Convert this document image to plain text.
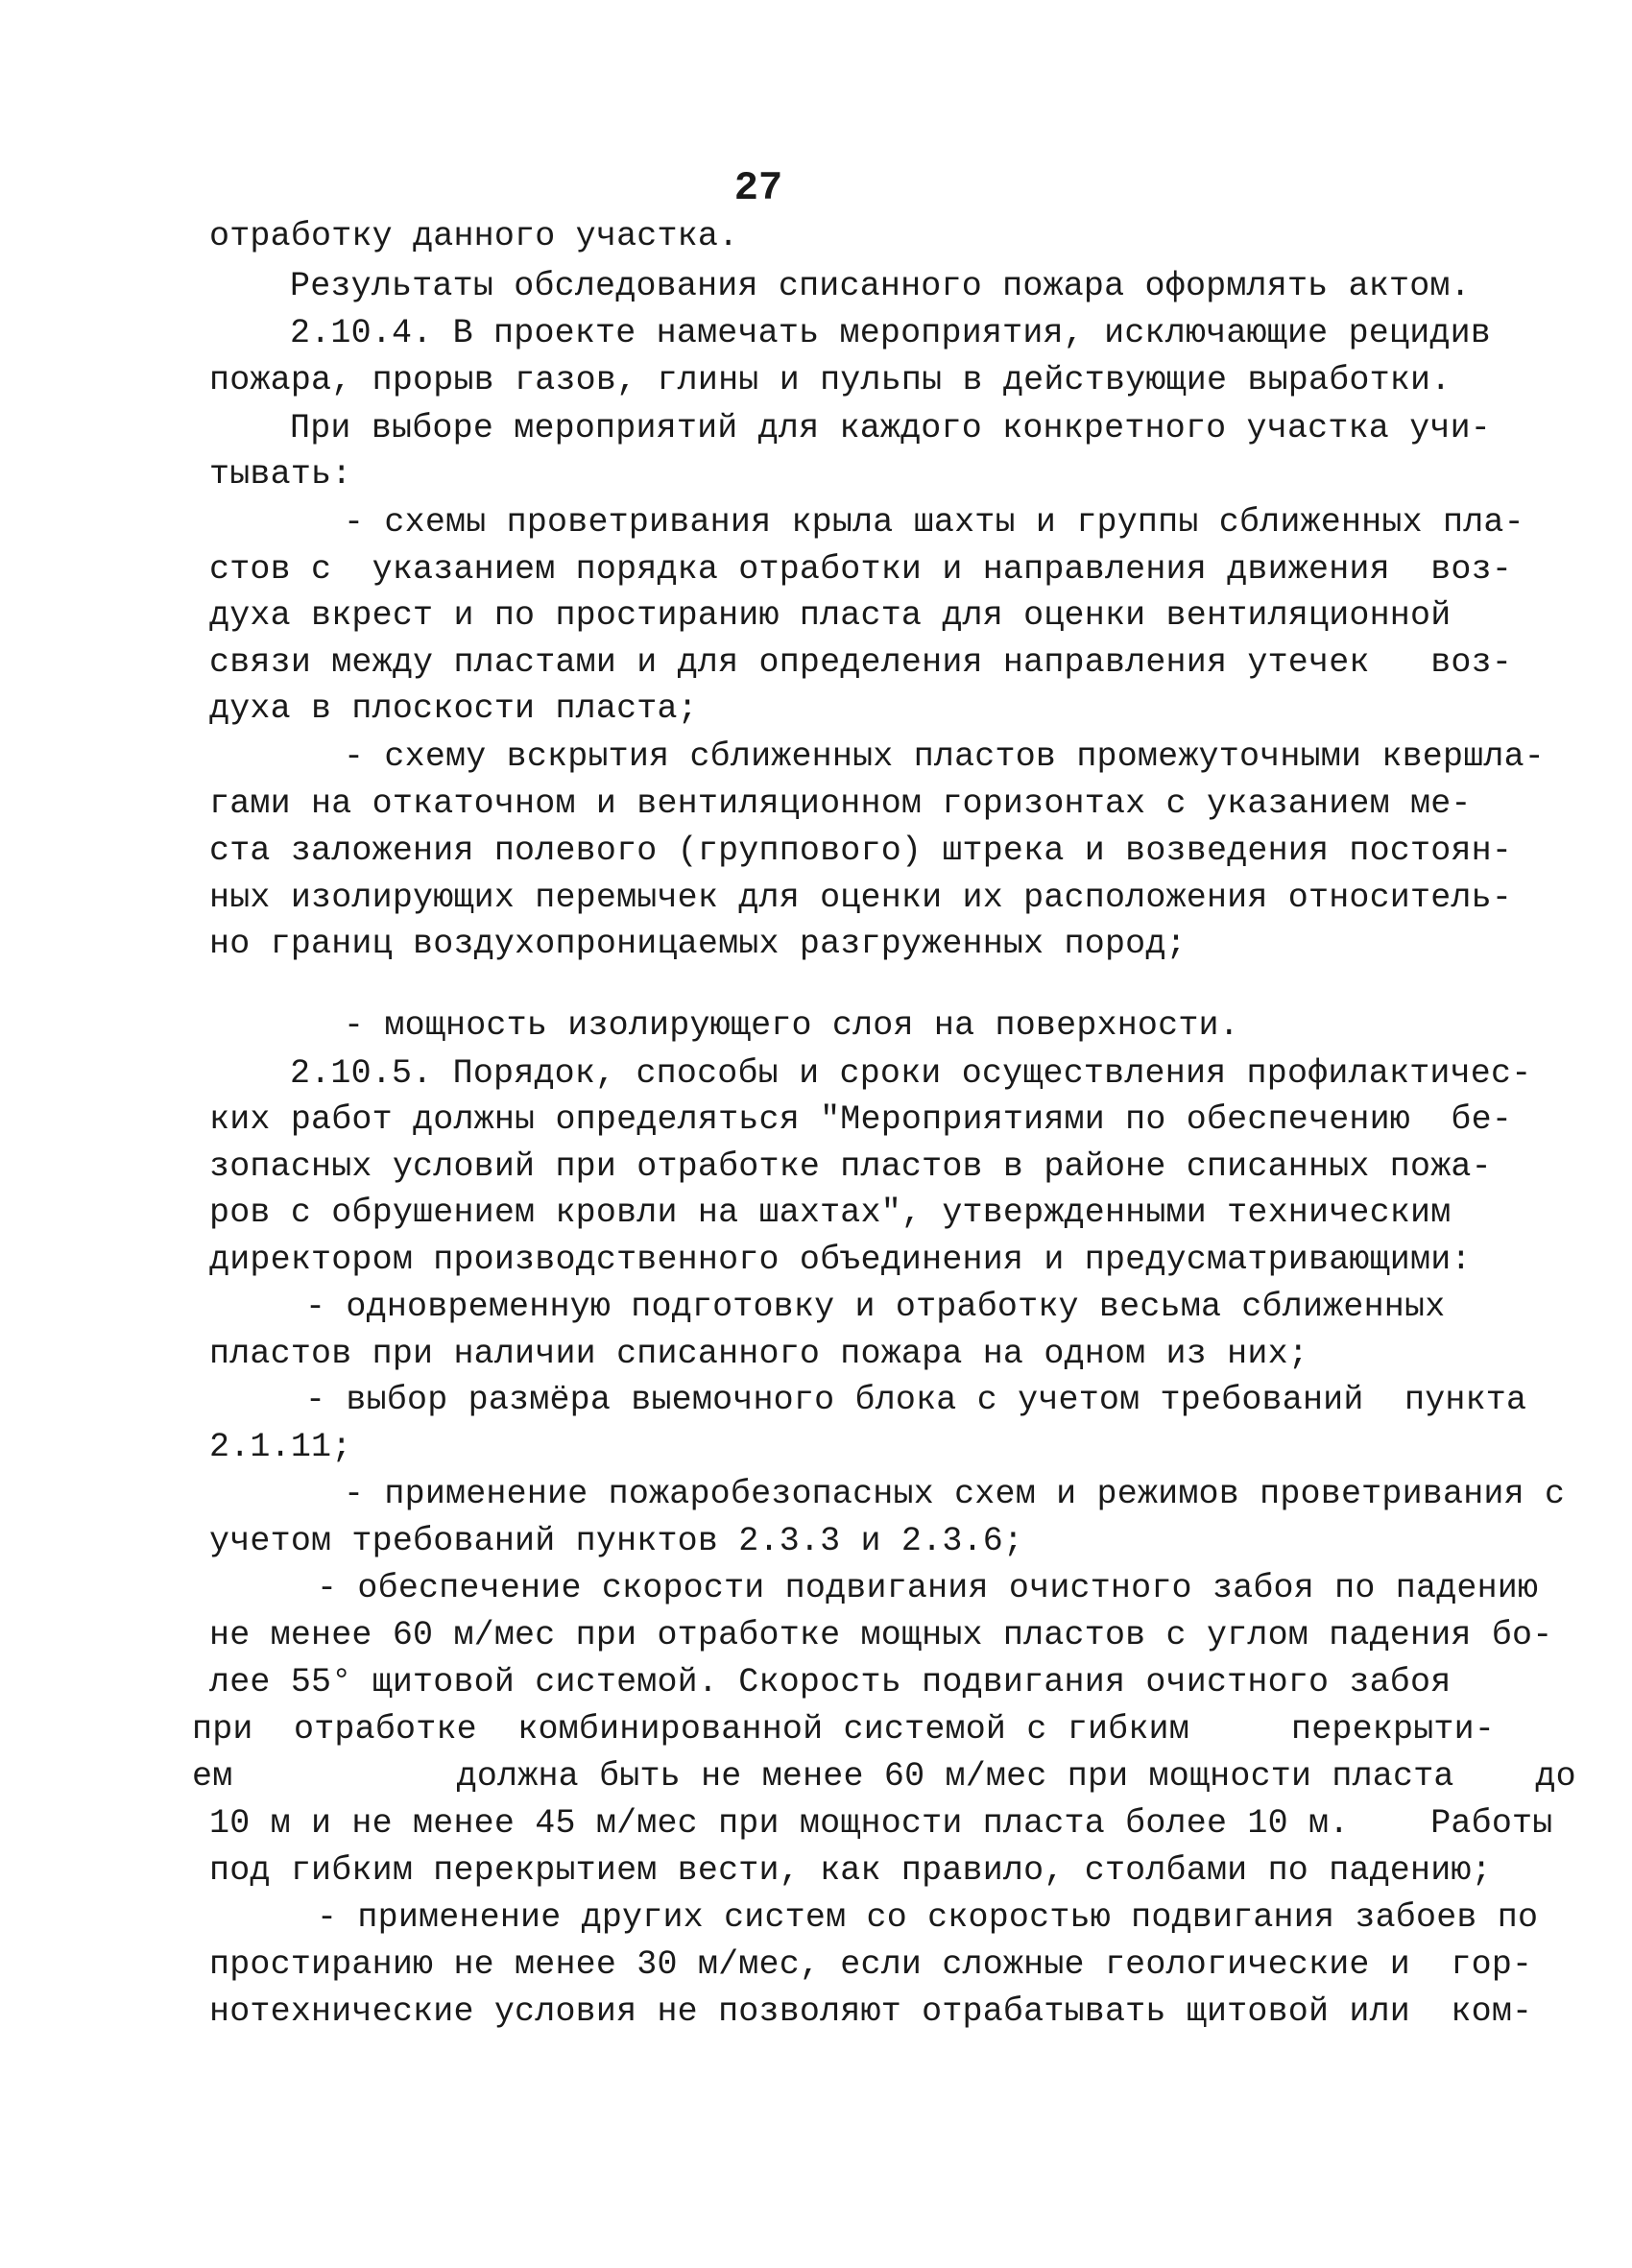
27
отработку данного участка.
Результаты обследования списанного пожара оформлять актом.
2.10.4. В проекте намечать мероприятия, исключающие рецидив
пожара, прорыв газов, глины и пульпы в действующие выработки.
При выборе мероприятий для каждого конкретного участка учи-
тывать:
- схемы проветривания крыла шахты и группы сближенных пла-
стов с  указанием порядка отработки и направления движения  воз-
духа вкрест и по простиранию пласта для оценки вентиляционной
связи между пластами и для определения направления утечек   воз-
духа в плоскости пласта;
- схему вскрытия сближенных пластов промежуточными квершла-
гами на откаточном и вентиляционном горизонтах с указанием ме-
ста заложения полевого (группового) штрека и возведения постоян-
ных изолирующих перемычек для оценки их расположения относитель-
но границ воздухопроницаемых разгруженных пород;
- мощность изолирующего слоя на поверхности.
2.10.5. Порядок, способы и сроки осуществления профилактичес-
ких работ должны определяться "Мероприятиями по обеспечению  бе-
зопасных условий при отработке пластов в районе списанных пожа-
ров с обрушением кровли на шахтах", утвержденными техническим
директором производственного объединения и предусматривающими:
- одновременную подготовку и отработку весьма сближенных
пластов при наличии списанного пожара на одном из них;
- выбор размёра выемочного блока с учетом требований  пункта
2.1.11;
- применение пожаробезопасных схем и режимов проветривания с
учетом требований пунктов 2.3.3 и 2.3.6;
- обеспечение скорости подвигания очистного забоя по падению
не менее 60 м/мес при отработке мощных пластов с углом падения бо-
лее 55° щитовой системой. Скорость подвигания очистного забоя
при  отработке  комбинированной системой с гибким     перекрыти-
ем           должна быть не менее 60 м/мес при мощности пласта    до
10 м и не менее 45 м/мес при мощности пласта более 10 м.    Работы
под гибким перекрытием вести, как правило, столбами по падению;
- применение других систем со скоростью подвигания забоев по
простиранию не менее 30 м/мес, если сложные геологические и  гор-
нотехнические условия не позволяют отрабатывать щитовой или  ком-
